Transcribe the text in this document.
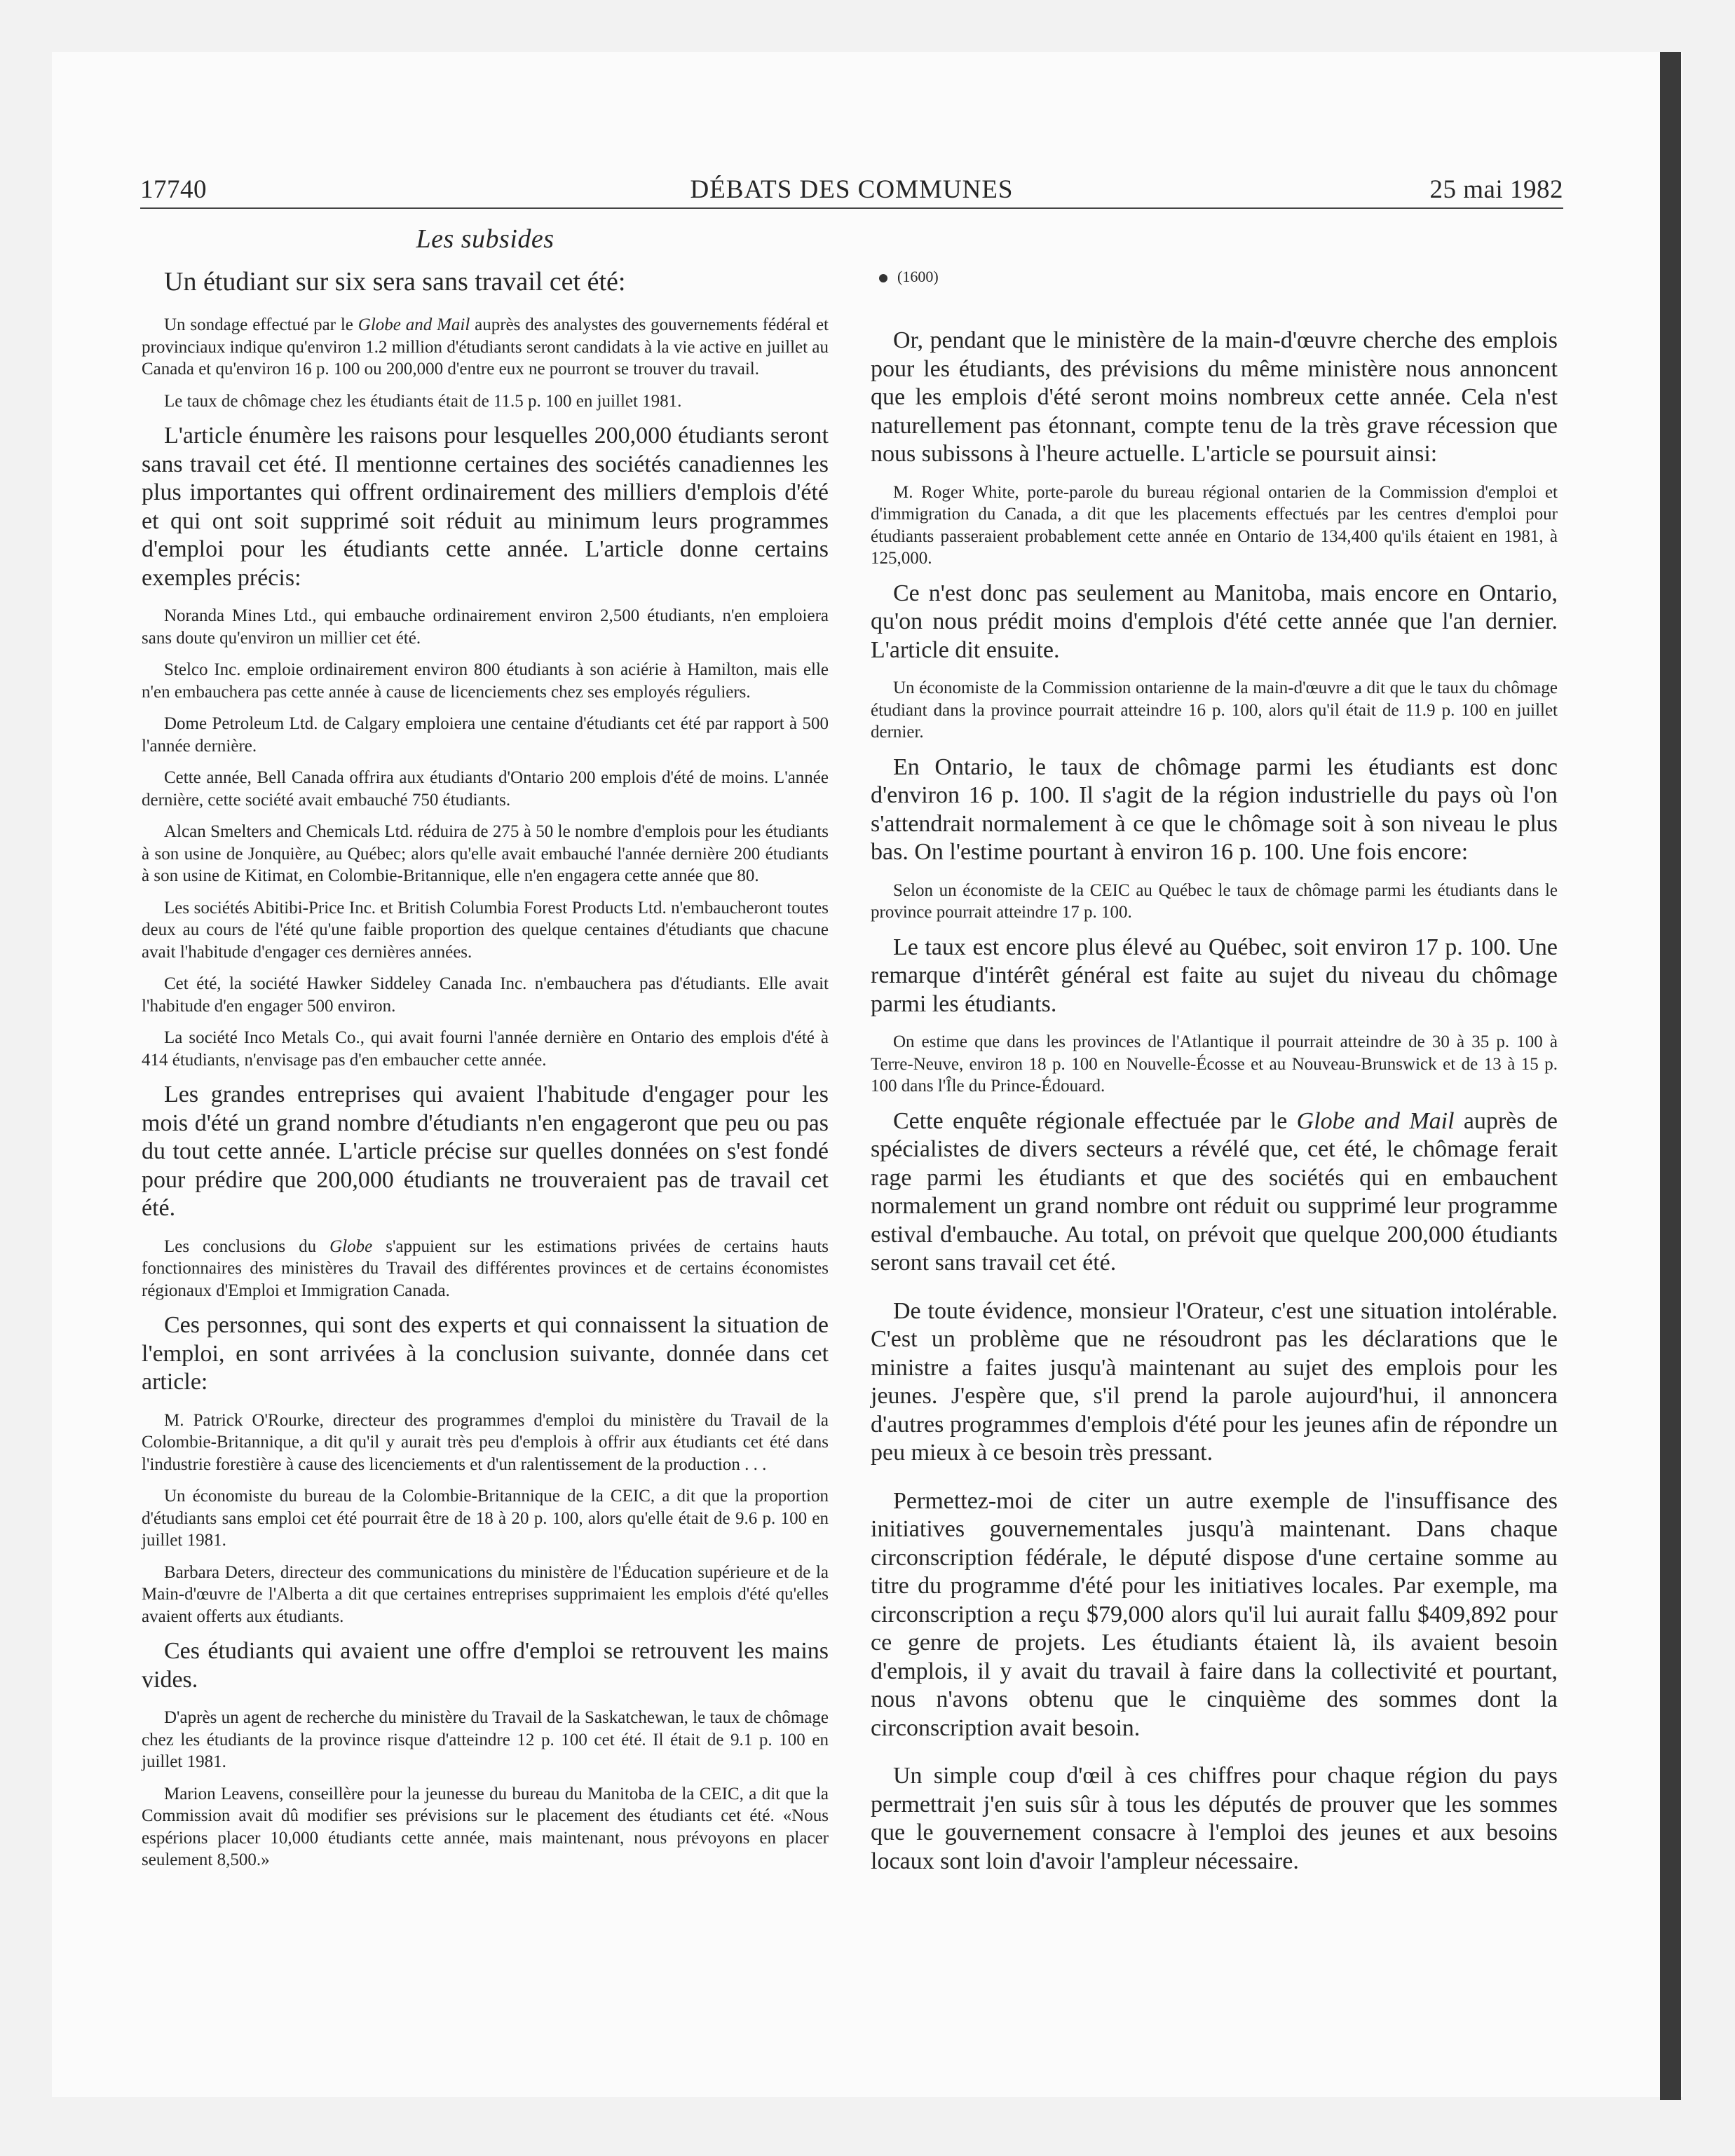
17740	DÉBATS DES COMMUNES	25 mai 1982
Les subsides
Un étudiant sur six sera sans travail cet été:

Un sondage effectué par le Globe and Mail auprès des analystes des gouvernements fédéral et provinciaux indique qu'environ 1.2 million d'étudiants seront candidats à la vie active en juillet au Canada et qu'environ 16 p. 100 ou 200,000 d'entre eux ne pourront se trouver du travail.

Le taux de chômage chez les étudiants était de 11.5 p. 100 en juillet 1981.

L'article énumère les raisons pour lesquelles 200,000 étudiants seront sans travail cet été. Il mentionne certaines des sociétés canadiennes les plus importantes qui offrent ordinairement des milliers d'emplois d'été et qui ont soit supprimé soit réduit au minimum leurs programmes d'emploi pour les étudiants cette année. L'article donne certains exemples précis:

Noranda Mines Ltd., qui embauche ordinairement environ 2,500 étudiants, n'en emploiera sans doute qu'environ un millier cet été.

Stelco Inc. emploie ordinairement environ 800 étudiants à son aciérie à Hamilton, mais elle n'en embauchera pas cette année à cause de licenciements chez ses employés réguliers.

Dome Petroleum Ltd. de Calgary emploiera une centaine d'étudiants cet été par rapport à 500 l'année dernière.

Cette année, Bell Canada offrira aux étudiants d'Ontario 200 emplois d'été de moins. L'année dernière, cette société avait embauché 750 étudiants.

Alcan Smelters and Chemicals Ltd. réduira de 275 à 50 le nombre d'emplois pour les étudiants à son usine de Jonquière, au Québec; alors qu'elle avait embauché l'année dernière 200 étudiants à son usine de Kitimat, en Colombie-Britannique, elle n'en engagera cette année que 80.

Les sociétés Abitibi-Price Inc. et British Columbia Forest Products Ltd. n'embaucheront toutes deux au cours de l'été qu'une faible proportion des quelque centaines d'étudiants que chacune avait l'habitude d'engager ces dernières années.

Cet été, la société Hawker Siddeley Canada Inc. n'embauchera pas d'étudiants. Elle avait l'habitude d'en engager 500 environ.

La société Inco Metals Co., qui avait fourni l'année dernière en Ontario des emplois d'été à 414 étudiants, n'envisage pas d'en embaucher cette année.

Les grandes entreprises qui avaient l'habitude d'engager pour les mois d'été un grand nombre d'étudiants n'en engageront que peu ou pas du tout cette année. L'article précise sur quelles données on s'est fondé pour prédire que 200,000 étudiants ne trouveraient pas de travail cet été.

Les conclusions du Globe s'appuient sur les estimations privées de certains hauts fonctionnaires des ministères du Travail des différentes provinces et de certains économistes régionaux d'Emploi et Immigration Canada.

Ces personnes, qui sont des experts et qui connaissent la situation de l'emploi, en sont arrivées à la conclusion suivante, donnée dans cet article:

M. Patrick O'Rourke, directeur des programmes d'emploi du ministère du Travail de la Colombie-Britannique, a dit qu'il y aurait très peu d'emplois à offrir aux étudiants cet été dans l'industrie forestière à cause des licenciements et d'un ralentissement de la production . . .

Un économiste du bureau de la Colombie-Britannique de la CEIC, a dit que la proportion d'étudiants sans emploi cet été pourrait être de 18 à 20 p. 100, alors qu'elle était de 9.6 p. 100 en juillet 1981.

Barbara Deters, directeur des communications du ministère de l'Éducation supérieure et de la Main-d'œuvre de l'Alberta a dit que certaines entreprises supprimaient les emplois d'été qu'elles avaient offerts aux étudiants.

Ces étudiants qui avaient une offre d'emploi se retrouvent les mains vides.

D'après un agent de recherche du ministère du Travail de la Saskatchewan, le taux de chômage chez les étudiants de la province risque d'atteindre 12 p. 100 cet été. Il était de 9.1 p. 100 en juillet 1981.

Marion Leavens, conseillère pour la jeunesse du bureau du Manitoba de la CEIC, a dit que la Commission avait dû modifier ses prévisions sur le placement des étudiants cet été. «Nous espérions placer 10,000 étudiants cette année, mais maintenant, nous prévoyons en placer seulement 8,500.»

(1600)

Or, pendant que le ministère de la main-d'œuvre cherche des emplois pour les étudiants, des prévisions du même ministère nous annoncent que les emplois d'été seront moins nombreux cette année. Cela n'est naturellement pas étonnant, compte tenu de la très grave récession que nous subissons à l'heure actuelle. L'article se poursuit ainsi:

M. Roger White, porte-parole du bureau régional ontarien de la Commission d'emploi et d'immigration du Canada, a dit que les placements effectués par les centres d'emploi pour étudiants passeraient probablement cette année en Ontario de 134,400 qu'ils étaient en 1981, à 125,000.

Ce n'est donc pas seulement au Manitoba, mais encore en Ontario, qu'on nous prédit moins d'emplois d'été cette année que l'an dernier. L'article dit ensuite.

Un économiste de la Commission ontarienne de la main-d'œuvre a dit que le taux du chômage étudiant dans la province pourrait atteindre 16 p. 100, alors qu'il était de 11.9 p. 100 en juillet dernier.

En Ontario, le taux de chômage parmi les étudiants est donc d'environ 16 p. 100. Il s'agit de la région industrielle du pays où l'on s'attendrait normalement à ce que le chômage soit à son niveau le plus bas. On l'estime pourtant à environ 16 p. 100. Une fois encore:

Selon un économiste de la CEIC au Québec le taux de chômage parmi les étudiants dans le province pourrait atteindre 17 p. 100.

Le taux est encore plus élevé au Québec, soit environ 17 p. 100. Une remarque d'intérêt général est faite au sujet du niveau du chômage parmi les étudiants.

On estime que dans les provinces de l'Atlantique il pourrait atteindre de 30 à 35 p. 100 à Terre-Neuve, environ 18 p. 100 en Nouvelle-Écosse et au Nouveau-Brunswick et de 13 à 15 p. 100 dans l'Île du Prince-Édouard.

Cette enquête régionale effectuée par le Globe and Mail auprès de spécialistes de divers secteurs a révélé que, cet été, le chômage ferait rage parmi les étudiants et que des sociétés qui en embauchent normalement un grand nombre ont réduit ou supprimé leur programme estival d'embauche. Au total, on prévoit que quelque 200,000 étudiants seront sans travail cet été.

De toute évidence, monsieur l'Orateur, c'est une situation intolérable. C'est un problème que ne résoudront pas les déclarations que le ministre a faites jusqu'à maintenant au sujet des emplois pour les jeunes. J'espère que, s'il prend la parole aujourd'hui, il annoncera d'autres programmes d'emplois d'été pour les jeunes afin de répondre un peu mieux à ce besoin très pressant.

Permettez-moi de citer un autre exemple de l'insuffisance des initiatives gouvernementales jusqu'à maintenant. Dans chaque circonscription fédérale, le député dispose d'une certaine somme au titre du programme d'été pour les initiatives locales. Par exemple, ma circonscription a reçu $79,000 alors qu'il lui aurait fallu $409,892 pour ce genre de projets. Les étudiants étaient là, ils avaient besoin d'emplois, il y avait du travail à faire dans la collectivité et pourtant, nous n'avons obtenu que le cinquième des sommes dont la circonscription avait besoin.

Un simple coup d'œil à ces chiffres pour chaque région du pays permettrait j'en suis sûr à tous les députés de prouver que les sommes que le gouvernement consacre à l'emploi des jeunes et aux besoins locaux sont loin d'avoir l'ampleur nécessaire.
